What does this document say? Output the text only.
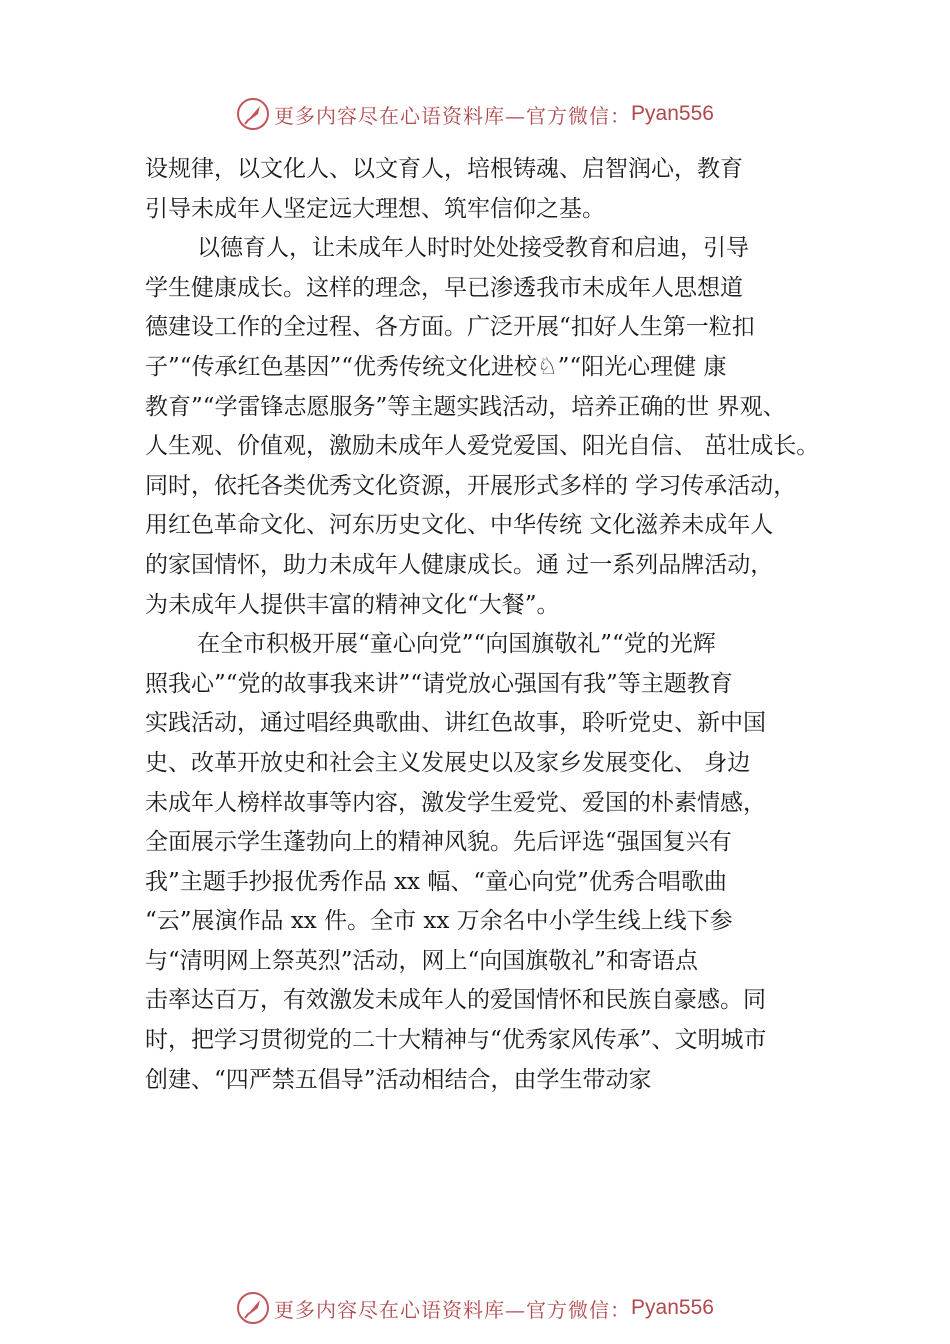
更多内容尽在心语资料库—官方微信： Pyan556
设规律，以文化人、以文育人，培根铸魂、启智润心，教育
引导未成年人坚定远大理想、筑牢信仰之基。
以德育人，让未成年人时时处处接受教育和启迪，引导
学生健康成长。这样的理念，早已渗透我市未成年人思想道
德建设工作的全过程、各方面。广泛开展“扣好人生第一粒扣
子”“传承红色基因”“优秀传统文化进校♘”“阳光心理健 康
教育”“学雷锋志愿服务”等主题实践活动，培养正确的世 界观、
人生观、价值观，激励未成年人爱党爱国、阳光自信、 茁壮成长。
同时，依托各类优秀文化资源，开展形式多样的 学习传承活动，
用红色革命文化、河东历史文化、中华传统 文化滋养未成年人
的家国情怀，助力未成年人健康成长。通 过一系列品牌活动，
为未成年人提供丰富的精神文化“大餐”。
在全市积极开展“童心向党”“向国旗敬礼”“党的光辉
照我心”“党的故事我来讲”“请党放心强国有我”等主题教育
实践活动，通过唱经典歌曲、讲红色故事，聆听党史、新中国
史、改革开放史和社会主义发展史以及家乡发展变化、 身边
未成年人榜样故事等内容，激发学生爱党、爱国的朴素情感，
全面展示学生蓬勃向上的精神风貌。先后评选“强国复兴有
我”主题手抄报优秀作品 xx 幅、“童心向党”优秀合唱歌曲
“云”展演作品 xx 件。全市 xx 万余名中小学生线上线下参
与“清明网上祭英烈”活动，网上“向国旗敬礼”和寄语点
击率达百万，有效激发未成年人的爱国情怀和民族自豪感。同
时，把学习贯彻党的二十大精神与“优秀家风传承”、文明城市
创建、“四严禁五倡导”活动相结合，由学生带动家
更多内容尽在心语资料库—官方微信： Pyan556
